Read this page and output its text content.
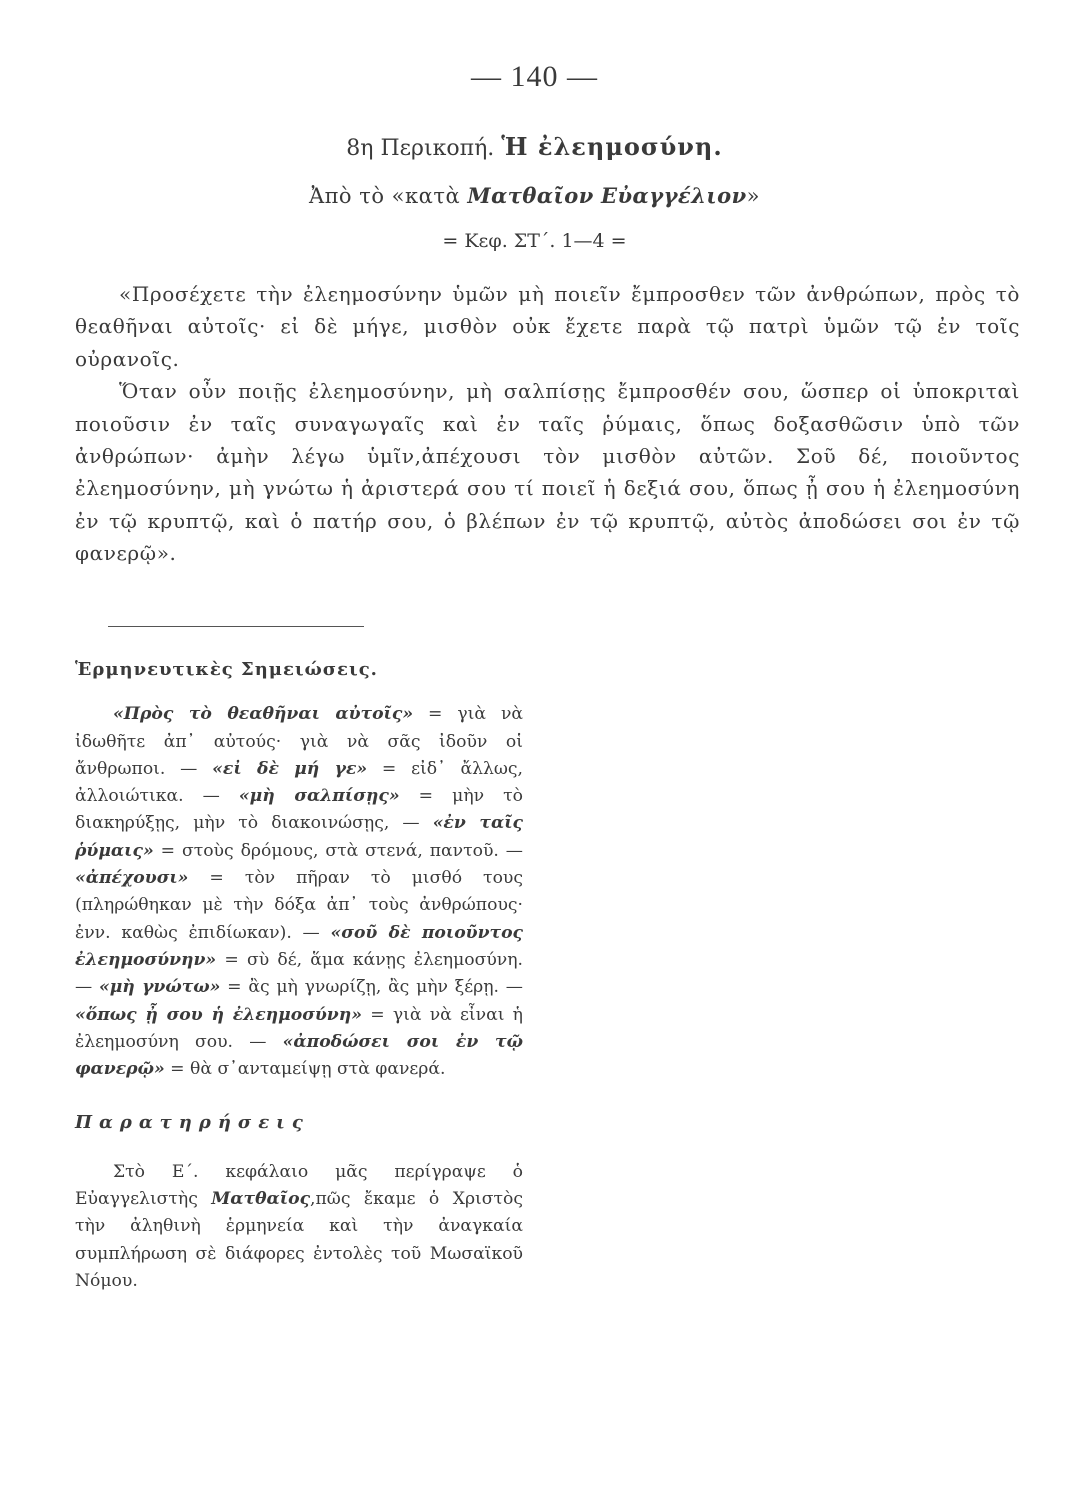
— 140 —
8η Περικοπή. Ἡ ἐλεημοσύνη.
Ἀπὸ τὸ «κατὰ Ματθαῖον Εὐαγγέλιον»
= Κεφ. ΣΤ΄. 1—4 =

«Προσέχετε τὴν ἐλεημοσύνην ὑμῶν μὴ ποιεῖν ἔμπροσθεν τῶν ἀνθρώπων, πρὸς τὸ θεαθῆναι αὐτοῖς· εἰ δὲ μήγε, μισθὸν οὐκ ἔχετε παρὰ τῷ πατρὶ ὑμῶν τῷ ἐν τοῖς οὐρανοῖς.

Ὅταν οὖν ποιῇς ἐλεημοσύνην, μὴ σαλπίσῃς ἔμπροσθέν σου, ὥσπερ οἱ ὑποκριταὶ ποιοῦσιν ἐν ταῖς συναγωγαῖς καὶ ἐν ταῖς ῥύμαις, ὅπως δοξασθῶσιν ὑπὸ τῶν ἀνθρώπων· ἀμὴν λέγω ὑμῖν,ἀπέχουσι τὸν μισθὸν αὐτῶν. Σοῦ δέ, ποιοῦντος ἐλεημοσύνην, μὴ γνώτω ἡ ἀριστερά σου τί ποιεῖ ἡ δεξιά σου, ὅπως ᾖ σου ἡ ἐλεημοσύνη ἐν τῷ κρυπτῷ, καὶ ὁ πατήρ σου, ὁ βλέπων ἐν τῷ κρυπτῷ, αὐτὸς ἀποδώσει σοι ἐν τῷ φανερῷ».

Ἑρμηνευτικὲς Σημειώσεις.

«Πρὸς τὸ θεαθῆναι αὐτοῖς» = γιὰ νὰ ἰδωθῆτε ἀπ᾽ αὐτούς· γιὰ νὰ σᾶς ἰδοῦν οἱ ἄνθρωποι. — «εἰ δὲ μή γε» = εἰδ᾽ ἄλλως, ἀλλοιώτικα. — «μὴ σαλπίσῃς» = μὴν τὸ διακηρύξῃς, μὴν τὸ διακοινώσῃς, — «ἐν ταῖς ῥύμαις» = στοὺς δρόμους, στὰ στενά, παντοῦ. — «ἀπέχουσι» = τὸν πῆραν τὸ μισθό τους (πληρώθηκαν μὲ τὴν δόξα ἀπ᾽ τοὺς ἀνθρώπους· ἐνν. καθὼς ἐπιδίωκαν). — «σοῦ δὲ ποιοῦντος ἐλεημοσύνην» = σὺ δέ, ἅμα κάνῃς ἐλεημοσύνη. — «μὴ γνώτω» = ἂς μὴ γνωρίζῃ, ἂς μὴν ξέρῃ. — «ὅπως ᾖ σου ἡ ἐλεημοσύνη» = γιὰ νὰ εἶναι ἡ ἐλεημοσύνη σου. — «ἀποδώσει σοι ἐν τῷ φανερῷ» = θὰ σ᾽ανταμείψῃ στὰ φανερά.

Παρατηρήσεις

Στὸ Ε΄. κεφάλαιο μᾶς περίγραψε ὁ Εὐαγγελιστὴς Ματθαῖος,πῶς ἔκαμε ὁ Χριστὸς τὴν ἀληθινὴ ἑρμηνεία καὶ τὴν ἀναγκαία συμπλήρωση σὲ διάφορες ἐντολὲς τοῦ Μωσαϊκοῦ Νόμου.
